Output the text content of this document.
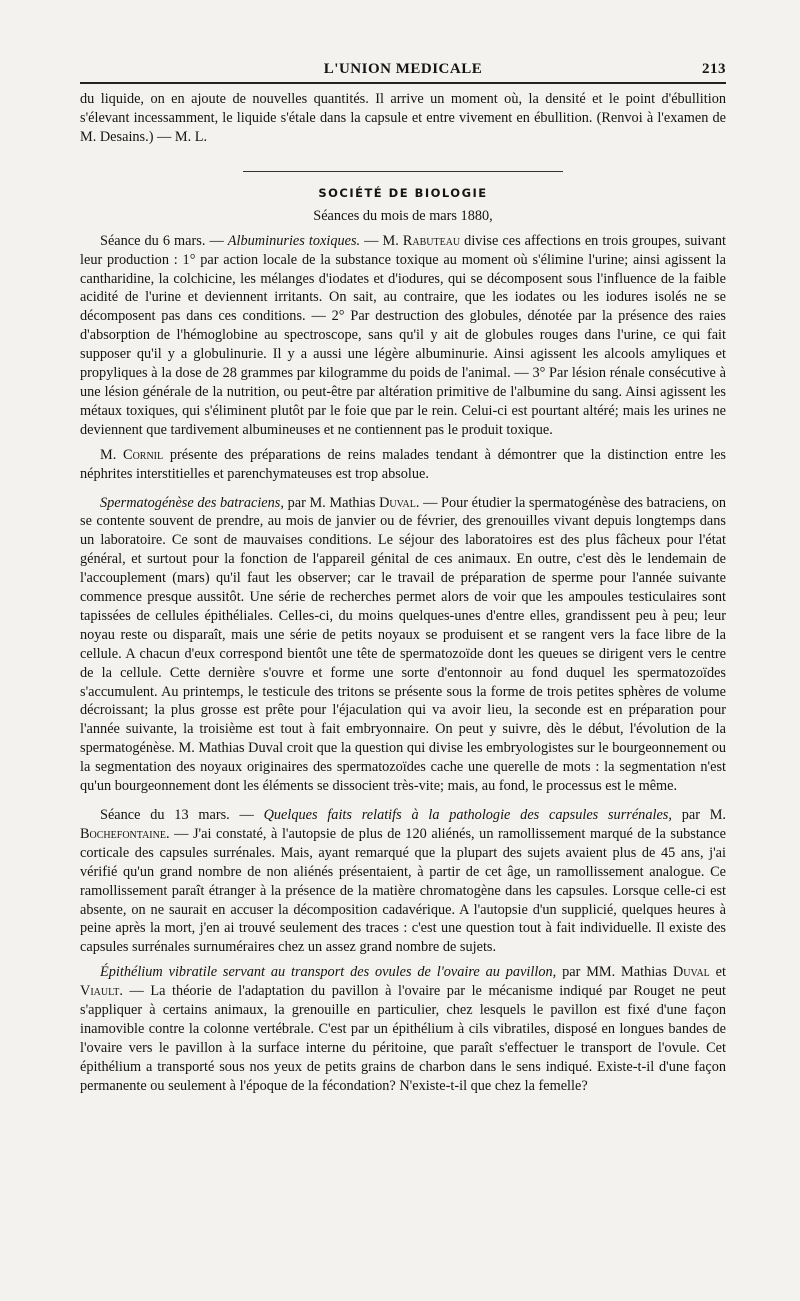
L'UNION MEDICALE	213

du liquide, on en ajoute de nouvelles quantités. Il arrive un moment où, la densité et le point d'ébullition s'élevant incessamment, le liquide s'étale dans la capsule et entre vivement en ébullition. (Renvoi à l'examen de M. Desains.) — M. L.

SOCIÉTÉ DE BIOLOGIE
Séances du mois de mars 1880,

Séance du 6 mars. — Albuminuries toxiques. — M. Rabuteau divise ces affections en trois groupes, suivant leur production : 1° par action locale de la substance toxique au moment où s'élimine l'urine; ainsi agissent la cantharidine, la colchicine, les mélanges d'iodates et d'iodures, qui se décomposent sous l'influence de la faible acidité de l'urine et deviennent irritants. On sait, au contraire, que les iodates ou les iodures isolés ne se décomposent pas dans ces conditions. — 2° Par destruction des globules, dénotée par la présence des raies d'absorption de l'hémoglobine au spectroscope, sans qu'il y ait de globules rouges dans l'urine, ce qui fait supposer qu'il y a globulinurie. Il y a aussi une légère albuminurie. Ainsi agissent les alcools amyliques et propyliques à la dose de 28 grammes par kilogramme du poids de l'animal. — 3° Par lésion rénale consécutive à une lésion générale de la nutrition, ou peut-être par altération primitive de l'albumine du sang. Ainsi agissent les métaux toxiques, qui s'éliminent plutôt par le foie que par le rein. Celui-ci est pourtant altéré; mais les urines ne deviennent que tardivement albumineuses et ne contiennent pas le produit toxique.

M. Cornil présente des préparations de reins malades tendant à démontrer que la distinction entre les néphrites interstitielles et parenchymateuses est trop absolue.

Spermatogénèse des batraciens, par M. Mathias Duval. — Pour étudier la spermatogénèse des batraciens, on se contente souvent de prendre, au mois de janvier ou de février, des grenouilles vivant depuis longtemps dans un laboratoire. Ce sont de mauvaises conditions. Le séjour des laboratoires est des plus fâcheux pour l'état général, et surtout pour la fonction de l'appareil génital de ces animaux. En outre, c'est dès le lendemain de l'accouplement (mars) qu'il faut les observer; car le travail de préparation de sperme pour l'année suivante commence presque aussitôt. Une série de recherches permet alors de voir que les ampoules testiculaires sont tapissées de cellules épithéliales. Celles-ci, du moins quelques-unes d'entre elles, grandissent peu à peu; leur noyau reste ou disparaît, mais une série de petits noyaux se produisent et se rangent vers la face libre de la cellule. A chacun d'eux correspond bientôt une tête de spermatozoïde dont les queues se dirigent vers le centre de la cellule. Cette dernière s'ouvre et forme une sorte d'entonnoir au fond duquel les spermatozoïdes s'accumulent. Au printemps, le testicule des tritons se présente sous la forme de trois petites sphères de volume décroissant; la plus grosse est prête pour l'éjaculation qui va avoir lieu, la seconde est en préparation pour l'année suivante, la troisième est tout à fait embryonnaire. On peut y suivre, dès le début, l'évolution de la spermatogénèse. M. Mathias Duval croit que la question qui divise les embryologistes sur le bourgeonnement ou la segmentation des noyaux originaires des spermatozoïdes cache une querelle de mots : la segmentation n'est qu'un bourgeonnement dont les éléments se dissocient très-vite; mais, au fond, le processus est le même.

Séance du 13 mars. — Quelques faits relatifs à la pathologie des capsules surrénales, par M. Bochefontaine. — J'ai constaté, à l'autopsie de plus de 120 aliénés, un ramollissement marqué de la substance corticale des capsules surrénales. Mais, ayant remarqué que la plupart des sujets avaient plus de 45 ans, j'ai vérifié qu'un grand nombre de non aliénés présentaient, à partir de cet âge, un ramollissement analogue. Ce ramollissement paraît étranger à la présence de la matière chromatogène dans les capsules. Lorsque celle-ci est absente, on ne saurait en accuser la décomposition cadavérique. A l'autopsie d'un supplicié, quelques heures à peine après la mort, j'en ai trouvé seulement des traces : c'est une question tout à fait individuelle. Il existe des capsules surrénales surnuméraires chez un assez grand nombre de sujets.

Épithélium vibratile servant au transport des ovules de l'ovaire au pavillon, par MM. Mathias Duval et Viault. — La théorie de l'adaptation du pavillon à l'ovaire par le mécanisme indiqué par Rouget ne peut s'appliquer à certains animaux, la grenouille en particulier, chez lesquels le pavillon est fixé d'une façon inamovible contre la colonne vertébrale. C'est par un épithélium à cils vibratiles, disposé en longues bandes de l'ovaire vers le pavillon à la surface interne du péritoine, que paraît s'effectuer le transport de l'ovule. Cet épithélium a transporté sous nos yeux de petits grains de charbon dans le sens indiqué. Existe-t-il d'une façon permanente ou seulement à l'époque de la fécondation? N'existe-t-il que chez la femelle?
